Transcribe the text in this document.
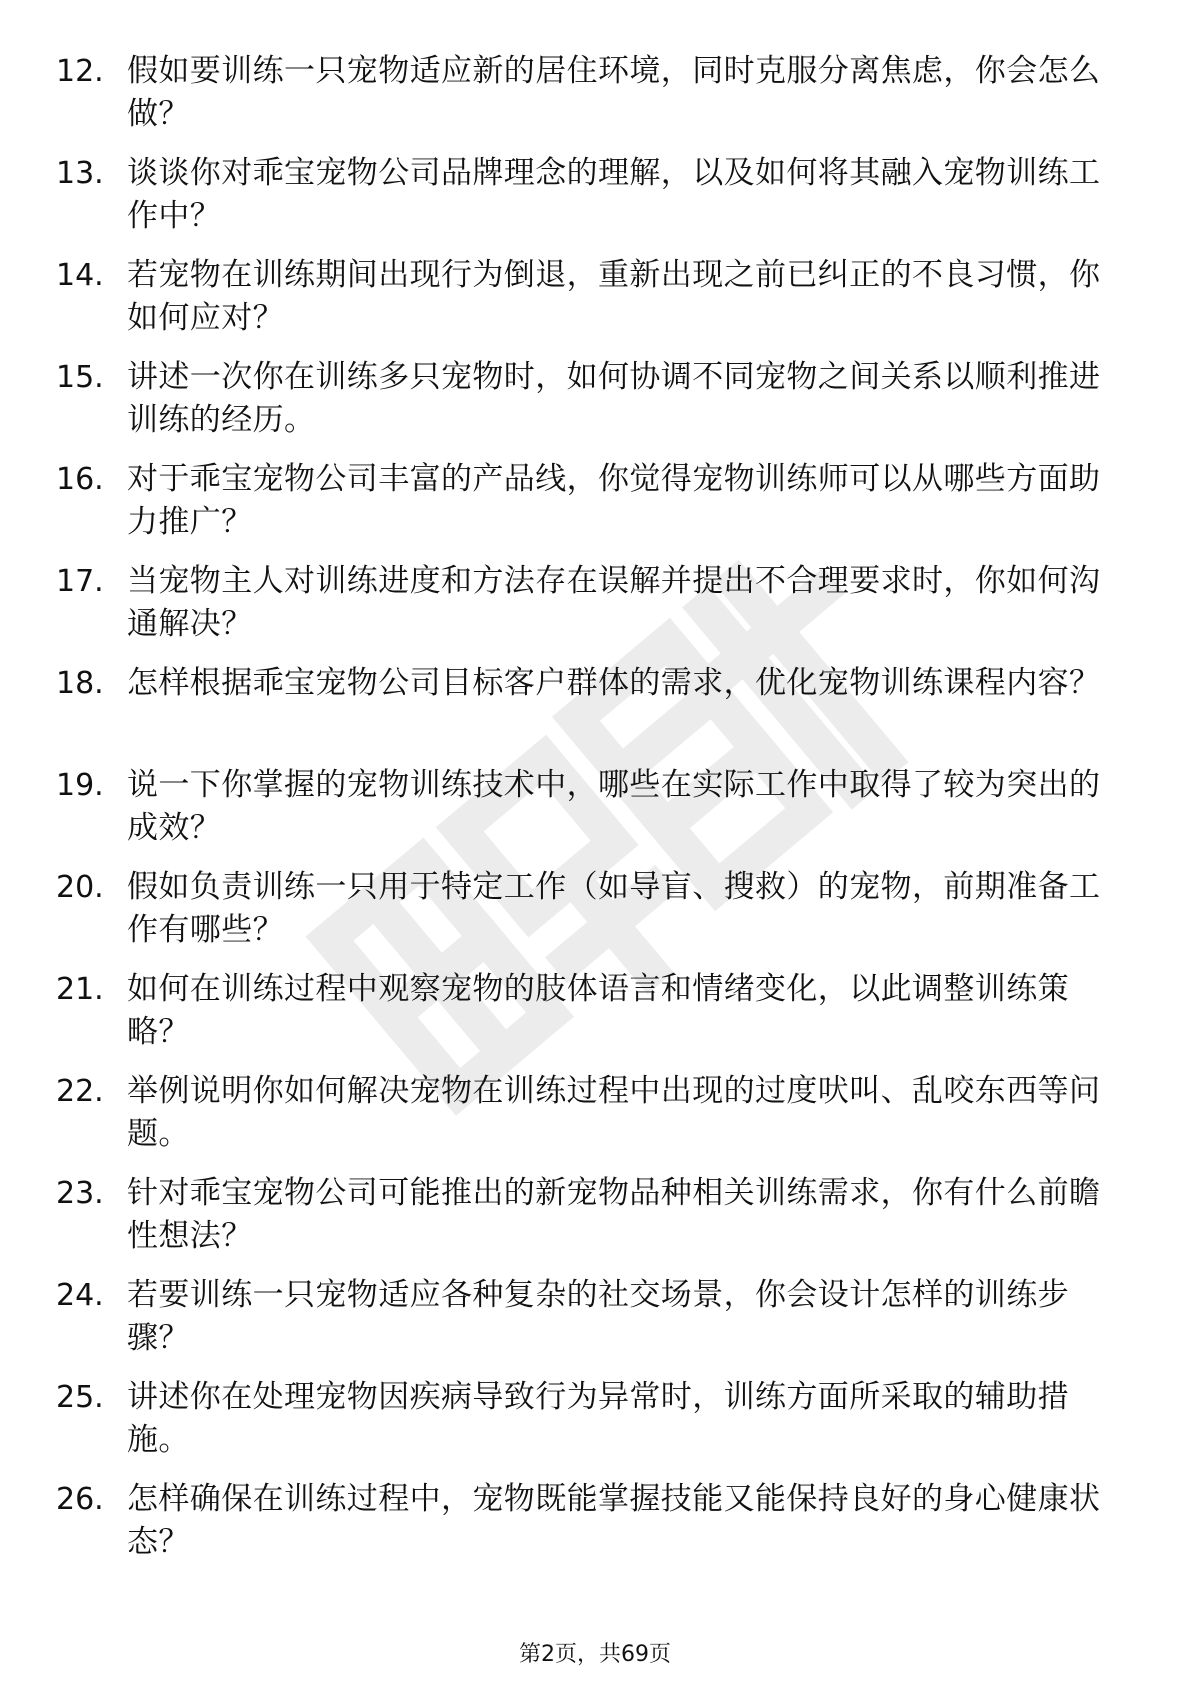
12. 假如要训练一只宠物适应新的居住环境，同时克服分离焦虑，你会怎么做？
13. 谈谈你对乖宝宠物公司品牌理念的理解，以及如何将其融入宠物训练工作中？
14. 若宠物在训练期间出现行为倒退，重新出现之前已纠正的不良习惯，你如何应对？
15. 讲述一次你在训练多只宠物时，如何协调不同宠物之间关系以顺利推进训练的经历。
16. 对于乖宝宠物公司丰富的产品线，你觉得宠物训练师可以从哪些方面助力推广？
17. 当宠物主人对训练进度和方法存在误解并提出不合理要求时，你如何沟通解决？
18. 怎样根据乖宝宠物公司目标客户群体的需求，优化宠物训练课程内容？
19. 说一下你掌握的宠物训练技术中，哪些在实际工作中取得了较为突出的成效？
20. 假如负责训练一只用于特定工作（如导盲、搜救）的宠物，前期准备工作有哪些？
21. 如何在训练过程中观察宠物的肢体语言和情绪变化，以此调整训练策略？
22. 举例说明你如何解决宠物在训练过程中出现的过度吠叫、乱咬东西等问题。
23. 针对乖宝宠物公司可能推出的新宠物品种相关训练需求，你有什么前瞻性想法？
24. 若要训练一只宠物适应各种复杂的社交场景，你会设计怎样的训练步骤？
25. 讲述你在处理宠物因疾病导致行为异常时，训练方面所采取的辅助措施。
26. 怎样确保在训练过程中，宠物既能掌握技能又能保持良好的身心健康状态？
第2页，共69页
